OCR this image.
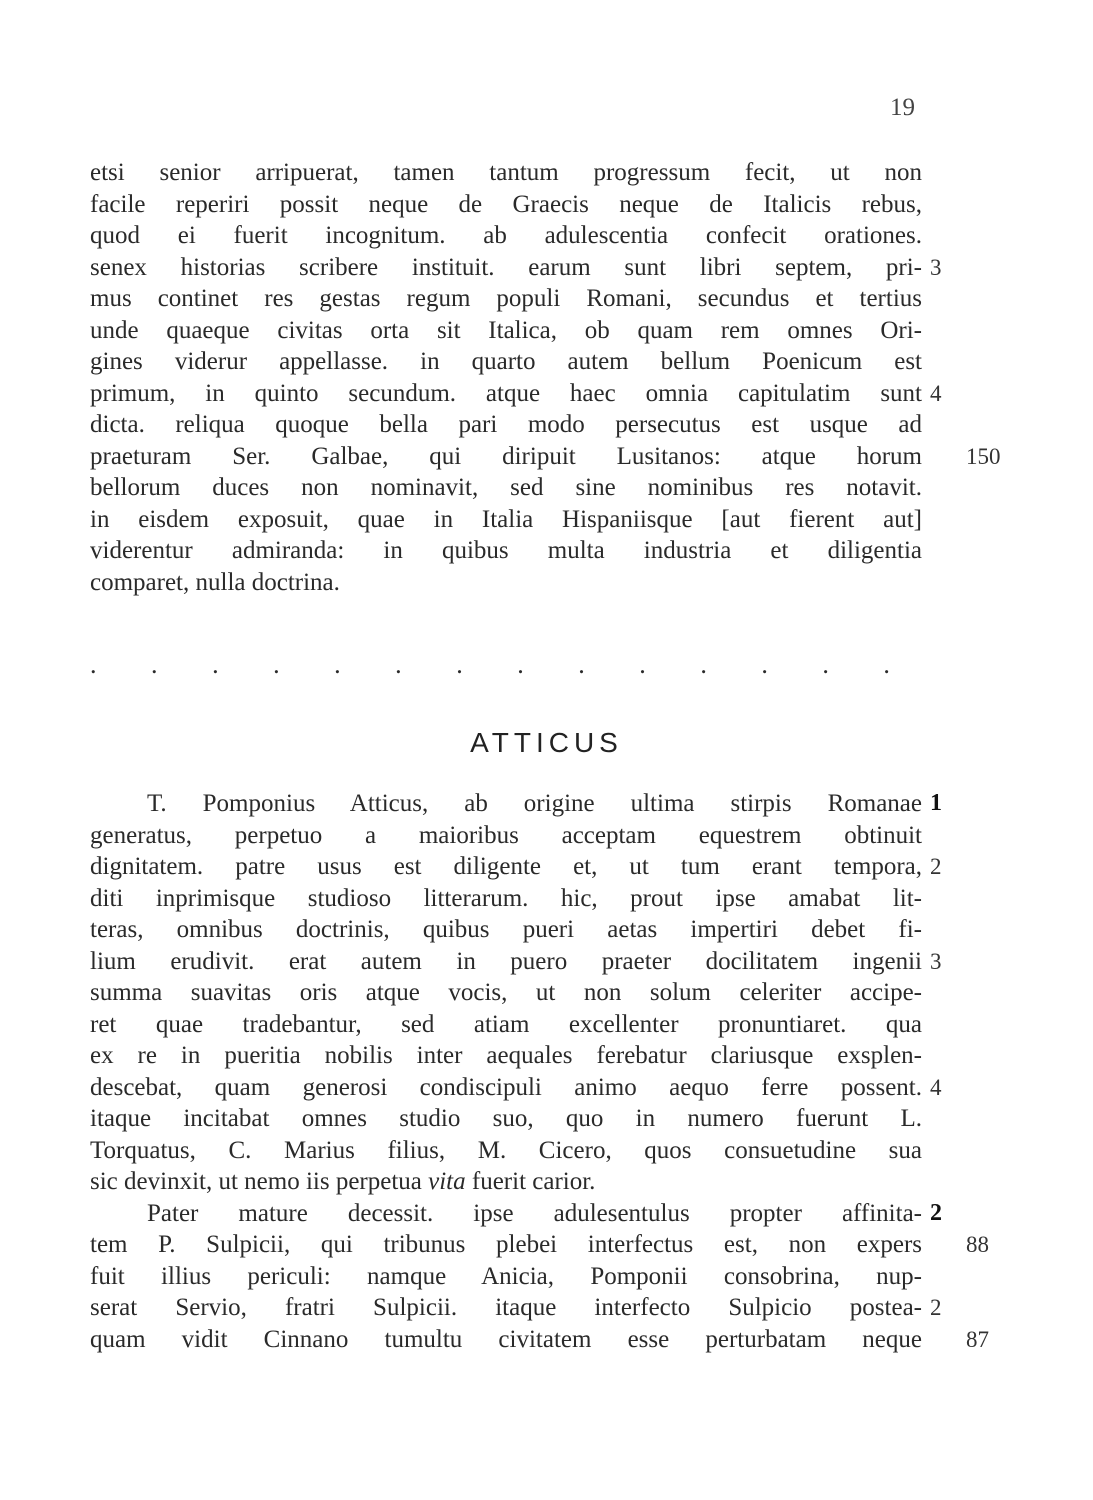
19
etsi senior arripuerat, tamen tantum progressum fecit, ut non
facile reperiri possit neque de Graecis neque de Italicis rebus,
quod ei fuerit incognitum. ab adulescentia confecit orationes.
senex historias scribere instituit. earum sunt libri septem, pri- 3
mus continet res gestas regum populi Romani, secundus et tertius
unde quaeque civitas orta sit Italica, ob quam rem omnes Ori-
gines viderur appellasse. in quarto autem bellum Poenicum est
primum, in quinto secundum. atque haec omnia capitulatim sunt 4
dicta. reliqua quoque bella pari modo persecutus est usque ad
praeturam Ser. Galbae, qui diripuit Lusitanos: atque horum 150
bellorum duces non nominavit, sed sine nominibus res notavit.
in eisdem exposuit, quae in Italia Hispaniisque [aut fierent aut]
viderentur admiranda: in quibus multa industria et diligentia
comparet, nulla doctrina.
. . . . . . . . . . . . . .
ATTICUS
T. Pomponius Atticus, ab origine ultima stirpis Romanae 1
generatus, perpetuo a maioribus acceptam equestrem obtinuit
dignitatem. patre usus est diligente et, ut tum erant tempora, 2
diti inprimisque studioso litterarum. hic, prout ipse amabat lit-
teras, omnibus doctrinis, quibus pueri aetas impertiri debet fi-
lium erudivit. erat autem in puero praeter docilitatem ingenii 3
summa suavitas oris atque vocis, ut non solum celeriter accipe-
ret quae tradebantur, sed atiam excellenter pronuntiaret. qua
ex re in pueritia nobilis inter aequales ferebatur clariusque exsplen-
descebat, quam generosi condiscipuli animo aequo ferre possent. 4
itaque incitabat omnes studio suo, quo in numero fuerunt L.
Torquatus, C. Marius filius, M. Cicero, quos consuetudine sua
sic devinxit, ut nemo iis perpetua vita fuerit carior.
Pater mature decessit. ipse adulesentulus propter affinita- 2
tem P. Sulpicii, qui tribunus plebei interfectus est, non expers 88
fuit illius periculi: namque Anicia, Pomponii consobrina, nup-
serat Servio, fratri Sulpicii. itaque interfecto Sulpicio postea- 2
quam vidit Cinnano tumultu civitatem esse perturbatam neque 87
